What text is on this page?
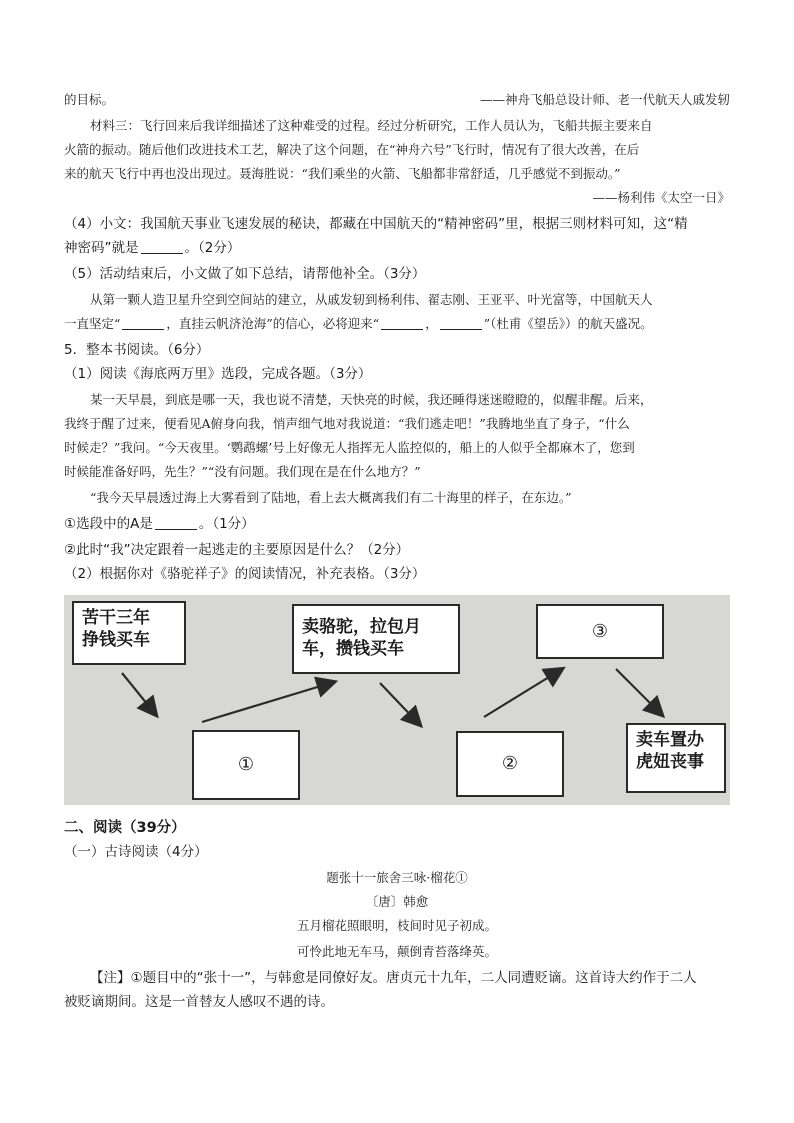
的目标。	——神舟飞船总设计师、老一代航天人戚发轫
材料三：飞行回来后我详细描述了这种难受的过程。经过分析研究，工作人员认为，飞船共振主要来自
火箭的振动。随后他们改进技术工艺，解决了这个问题，在“神舟六号”飞行时，情况有了很大改善，在后
来的航天飞行中再也没出现过。聂海胜说：“我们乘坐的火箭、飞船都非常舒适，几乎感觉不到振动。”
——杨利伟《太空一日》
（4）小文：我国航天事业飞速发展的秘诀，都藏在中国航天的“精神密码”里，根据三则材料可知，这“精
神密码”就是	。（2分）
（5）活动结束后，小文做了如下总结，请帮他补全。（3分）
从第一颗人造卫星升空到空间站的建立，从戚发轫到杨利伟、翟志刚、王亚平、叶光富等，中国航天人
一直坚定“	，直挂云帆济沧海”的信心，必将迎来“	，	”（杜甫《望岳》）的航天盛况。
5．整本书阅读。（6分）
（1）阅读《海底两万里》选段，完成各题。（3分）
某一天早晨，到底是哪一天，我也说不清楚，天快亮的时候，我还睡得迷迷瞪瞪的，似醒非醒。后来，
我终于醒了过来，便看见A俯身向我，悄声细气地对我说道：“我们逃走吧！”我腾地坐直了身子，“什么
时候走？”我问。“今天夜里。‘鹦鹉螺’号上好像无人指挥无人监控似的，船上的人似乎全都麻木了，您到
时候能准备好吗，先生？”“没有问题。我们现在是在什么地方？”
“我今天早晨透过海上大雾看到了陆地，看上去大概离我们有二十海里的样子，在东边。”
①选段中的A是	。（1分）
②此时“我”决定跟着一起逃走的主要原因是什么？（2分）
（2）根据你对《骆驼祥子》的阅读情况，补充表格。（3分）
苦干三年
挣钱买车
卖骆驼，拉包月
车，攒钱买车
③
①	②
二、阅读（39分）
（一）古诗阅读（4分）
题张十一旅舍三咏·榴花①
〔唐〕韩愈
五月榴花照眼明，枝间时见子初成。
可怜此地无车马，颠倒青苔落绛英。
【注】①题目中的“张十一”，与韩愈是同僚好友。唐贞元十九年，二人同遭贬谪。这首诗大约作于二人
被贬谪期间。这是一首替友人感叹不遇的诗。
卖车置办
虎妞丧事
